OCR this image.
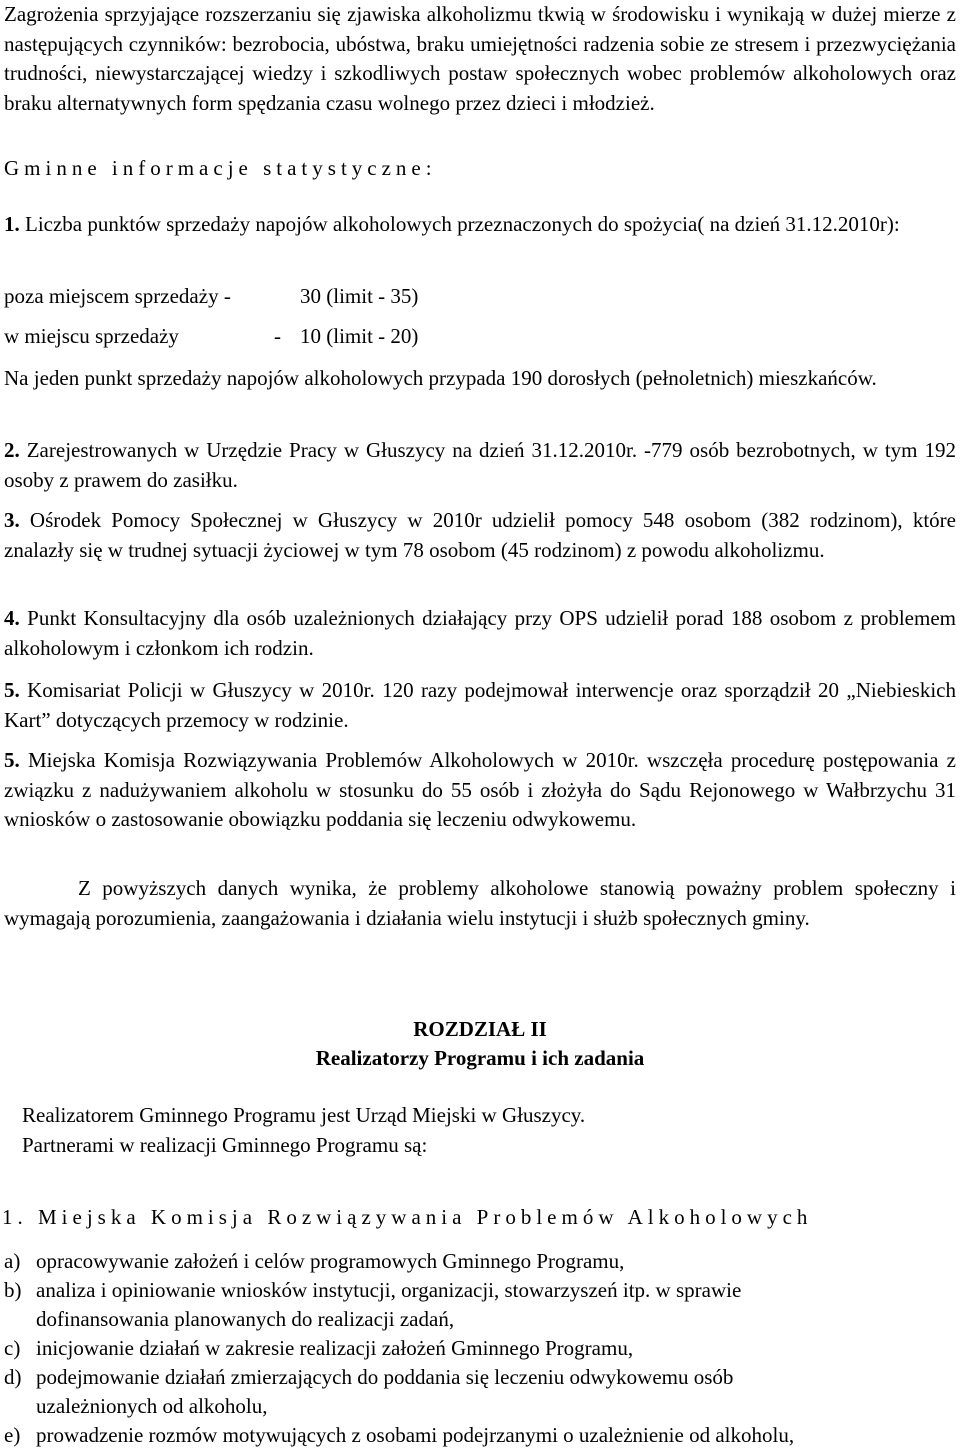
Zagrożenia sprzyjające rozszerzaniu się zjawiska alkoholizmu tkwią w środowisku i wynikają w dużej mierze z następujących czynników: bezrobocia, ubóstwa, braku umiejętności radzenia sobie ze stresem i przezwyciężania trudności, niewystarczającej wiedzy i szkodliwych postaw społecznych wobec problemów alkoholowych oraz braku alternatywnych form spędzania czasu wolnego przez dzieci i młodzież.

Gminne informacje statystyczne:

1. Liczba punktów sprzedaży napojów alkoholowych przeznaczonych do spożycia( na dzień 31.12.2010r):

poza miejscem sprzedaży -	30 (limit - 35)
w miejscu sprzedaży	- 10 (limit - 20)

Na jeden punkt sprzedaży napojów alkoholowych przypada 190 dorosłych (pełnoletnich) mieszkańców.

2. Zarejestrowanych w Urzędzie Pracy w Głuszycy na dzień 31.12.2010r. -779 osób bezrobotnych, w tym 192 osoby z prawem do zasiłku.

3. Ośrodek Pomocy Społecznej w Głuszycy w 2010r udzielił pomocy 548 osobom (382 rodzinom), które znalazły się w trudnej sytuacji życiowej w tym 78 osobom (45 rodzinom) z powodu alkoholizmu.

4. Punkt Konsultacyjny dla osób uzależnionych działający przy OPS udzielił porad 188 osobom z problemem alkoholowym i członkom ich rodzin.

5. Komisariat Policji w Głuszycy w 2010r. 120 razy podejmował interwencje oraz sporządził 20 „Niebieskich Kart” dotyczących przemocy w rodzinie.

5. Miejska Komisja Rozwiązywania Problemów Alkoholowych w 2010r. wszczęła procedurę postępowania z związku z nadużywaniem alkoholu w stosunku do 55 osób i złożyła do Sądu Rejonowego w Wałbrzychu 31 wniosków o zastosowanie obowiązku poddania się leczeniu odwykowemu.

Z powyższych danych wynika, że problemy alkoholowe stanowią poważny problem społeczny i wymagają porozumienia, zaangażowania i działania wielu instytucji i służb społecznych gminy.

ROZDZIAŁ II

Realizatorzy Programu i ich zadania

Realizatorem Gminnego Programu jest Urząd Miejski w Głuszycy.

Partnerami w realizacji Gminnego Programu są:

1. Miejska Komisja Rozwiązywania Problemów Alkoholowych

a) opracowywanie założeń i celów programowych Gminnego Programu,
b) analiza i opiniowanie wniosków instytucji, organizacji, stowarzyszeń itp. w sprawie

dofinansowania planowanych do realizacji zadań,

c) inicjowanie działań w zakresie realizacji założeń Gminnego Programu,
d) podejmowanie działań zmierzających do poddania się leczeniu odwykowemu osób

uzależnionych od alkoholu,

e) prowadzenie rozmów motywujących z osobami podejrzanymi o uzależnienie od alkoholu,
